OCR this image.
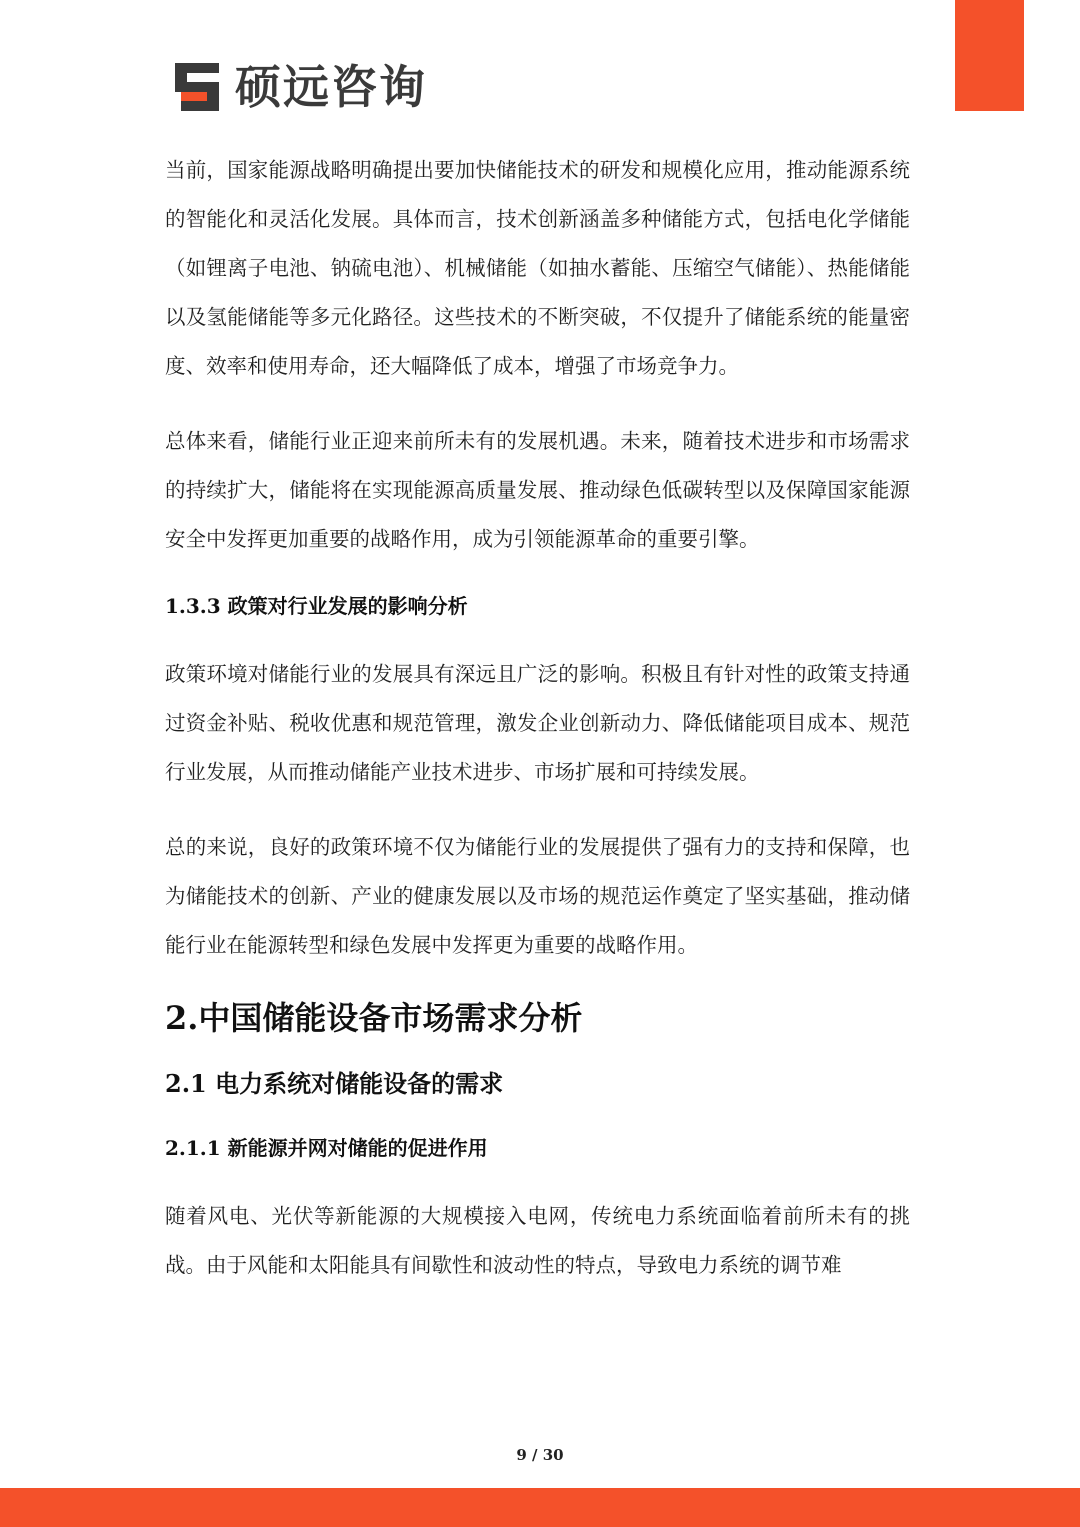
硕远咨询

当前，国家能源战略明确提出要加快储能技术的研发和规模化应用，推动能源系统的智能化和灵活化发展。具体而言，技术创新涵盖多种储能方式，包括电化学储能（如锂离子电池、钠硫电池）、机械储能（如抽水蓄能、压缩空气储能）、热能储能以及氢能储能等多元化路径。这些技术的不断突破，不仅提升了储能系统的能量密度、效率和使用寿命，还大幅降低了成本，增强了市场竞争力。

总体来看，储能行业正迎来前所未有的发展机遇。未来，随着技术进步和市场需求的持续扩大，储能将在实现能源高质量发展、推动绿色低碳转型以及保障国家能源安全中发挥更加重要的战略作用，成为引领能源革命的重要引擎。

1.3.3 政策对行业发展的影响分析

政策环境对储能行业的发展具有深远且广泛的影响。积极且有针对性的政策支持通过资金补贴、税收优惠和规范管理，激发企业创新动力、降低储能项目成本、规范行业发展，从而推动储能产业技术进步、市场扩展和可持续发展。

总的来说，良好的政策环境不仅为储能行业的发展提供了强有力的支持和保障，也为储能技术的创新、产业的健康发展以及市场的规范运作奠定了坚实基础，推动储能行业在能源转型和绿色发展中发挥更为重要的战略作用。

2.中国储能设备市场需求分析
2.1 电力系统对储能设备的需求
2.1.1 新能源并网对储能的促进作用

随着风电、光伏等新能源的大规模接入电网，传统电力系统面临着前所未有的挑战。由于风能和太阳能具有间歇性和波动性的特点，导致电力系统的调节难

9 / 30
